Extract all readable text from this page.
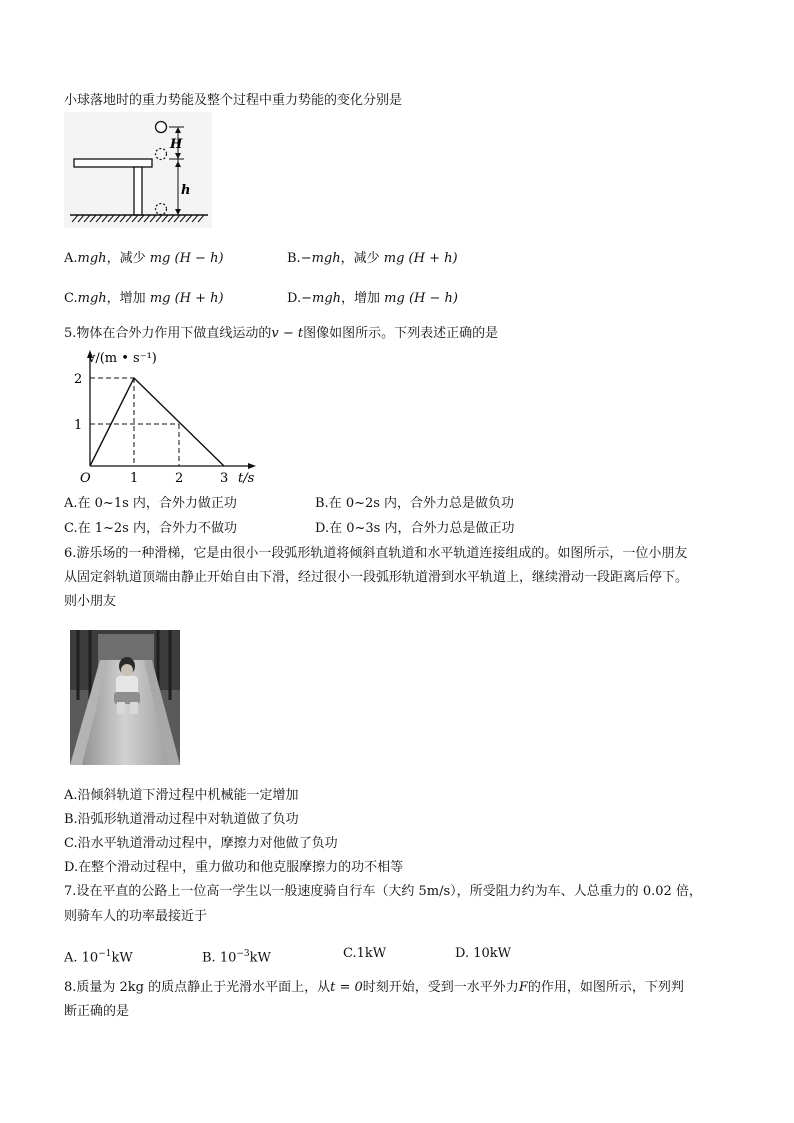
小球落地时的重力势能及整个过程中重力势能的变化分别是
H
h
A.mgh，减少 mg (H − h)	B.−mgh，减少 mg (H + h)
C.mgh，增加 mg (H + h)	D.−mgh，增加 mg (H − h)
5.物体在合外力作用下做直线运动的v − t图像如图所示。下列表述正确的是
v/(m • s⁻¹)
2
1
O	1	2	3 t/s
A.在 0~1s 内，合外力做正功	B.在 0~2s 内，合外力总是做负功
C.在 1~2s 内，合外力不做功	D.在 0~3s 内，合外力总是做正功
6.游乐场的一种滑梯，它是由很小一段弧形轨道将倾斜直轨道和水平轨道连接组成的。如图所示，一位小朋友
从固定斜轨道顶端由静止开始自由下滑，经过很小一段弧形轨道滑到水平轨道上，继续滑动一段距离后停下。
则小朋友
A.沿倾斜轨道下滑过程中机械能一定增加
B.沿弧形轨道滑动过程中对轨道做了负功
C.沿水平轨道滑动过程中，摩擦力对他做了负功
D.在整个滑动过程中，重力做功和他克服摩擦力的功不相等
7.设在平直的公路上一位高一学生以一般速度骑自行车（大约 5m/s），所受阻力约为车、人总重力的 0.02 倍，
则骑车人的功率最接近于
A. $10^{-1}kW$	B. $10^{-3}kW$	C.1kW	D. 10kW
8.质量为 2kg 的质点静止于光滑水平面上，从t = 0时刻开始，受到一水平外力F的作用，如图所示，下列判
断正确的是
